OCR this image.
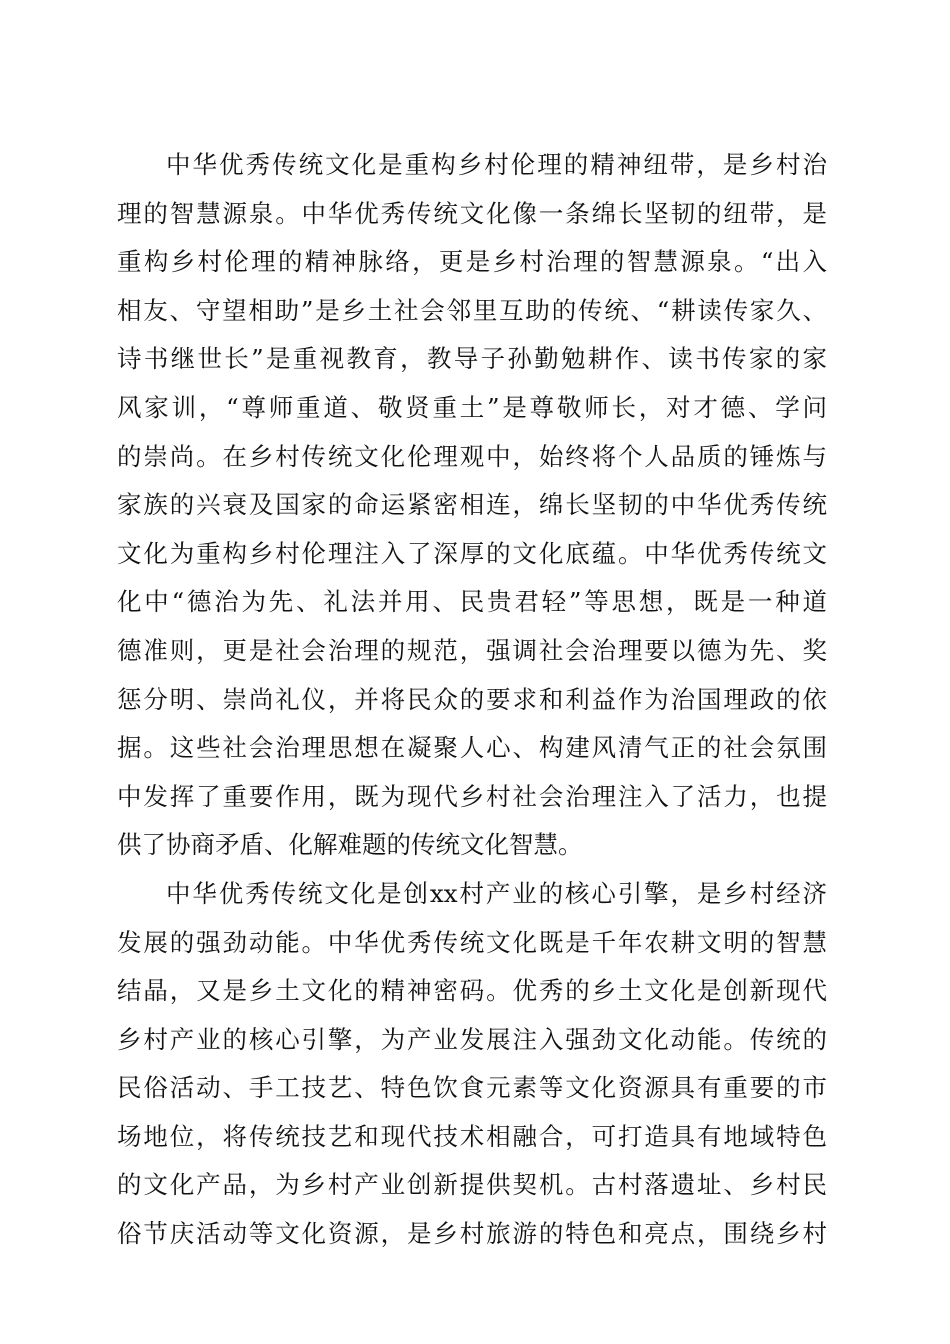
中华优秀传统文化是重构乡村伦理的精神纽带，是乡村治
理的智慧源泉。中华优秀传统文化像一条绵长坚韧的纽带，是
重构乡村伦理的精神脉络，更是乡村治理的智慧源泉。“出入
相友、守望相助”是乡土社会邻里互助的传统、“耕读传家久、
诗书继世长”是重视教育，教导子孙勤勉耕作、读书传家的家
风家训，“尊师重道、敬贤重土”是尊敬师长，对才德、学问
的崇尚。在乡村传统文化伦理观中，始终将个人品质的锤炼与
家族的兴衰及国家的命运紧密相连，绵长坚韧的中华优秀传统
文化为重构乡村伦理注入了深厚的文化底蕴。中华优秀传统文
化中“德治为先、礼法并用、民贵君轻”等思想，既是一种道
德准则，更是社会治理的规范，强调社会治理要以德为先、奖
惩分明、崇尚礼仪，并将民众的要求和利益作为治国理政的依
据。这些社会治理思想在凝聚人心、构建风清气正的社会氛围
中发挥了重要作用，既为现代乡村社会治理注入了活力，也提
供了协商矛盾、化解难题的传统文化智慧。
中华优秀传统文化是创xx村产业的核心引擎，是乡村经济
发展的强劲动能。中华优秀传统文化既是千年农耕文明的智慧
结晶，又是乡土文化的精神密码。优秀的乡土文化是创新现代
乡村产业的核心引擎，为产业发展注入强劲文化动能。传统的
民俗活动、手工技艺、特色饮食元素等文化资源具有重要的市
场地位，将传统技艺和现代技术相融合，可打造具有地域特色
的文化产品，为乡村产业创新提供契机。古村落遗址、乡村民
俗节庆活动等文化资源，是乡村旅游的特色和亮点，围绕乡村
